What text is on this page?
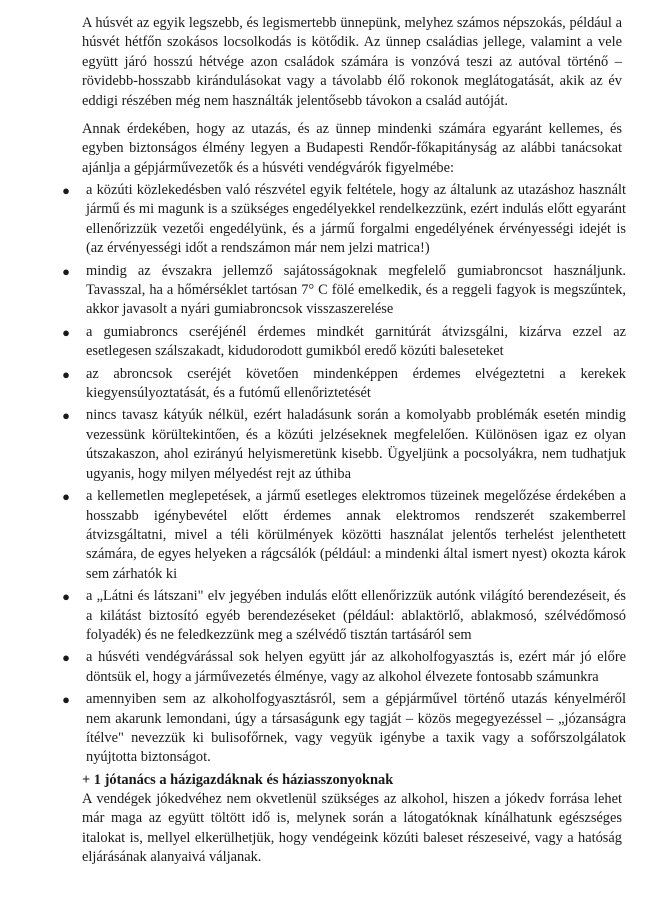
A húsvét az egyik legszebb, és legismertebb ünnepünk, melyhez számos népszokás, például a húsvét hétfőn szokásos locsolkodás is kötődik. Az ünnep családias jellege, valamint a vele együtt járó hosszú hétvége azon családok számára is vonzóvá teszi az autóval történő – rövidebb-hosszabb kirándulásokat vagy a távolabb élő rokonok meglátogatását, akik az év eddigi részében még nem használták jelentősebb távokon a család autóját.

Annak érdekében, hogy az utazás, és az ünnep mindenki számára egyaránt kellemes, és egyben biztonságos élmény legyen a Budapesti Rendőr-főkapitányság az alábbi tanácsokat ajánlja a gépjárművezetők és a húsvéti vendégvárók figyelmébe:

● a közúti közlekedésben való részvétel egyik feltétele, hogy az általunk az utazáshoz használt jármű és mi magunk is a szükséges engedélyekkel rendelkezzünk, ezért indulás előtt egyaránt ellenőrizzük vezetői engedélyünk, és a jármű forgalmi engedélyének érvényességi idejét is (az érvényességi időt a rendszámon már nem jelzi matrica!)
● mindig az évszakra jellemző sajátosságoknak megfelelő gumiabroncsot használjunk. Tavasszal, ha a hőmérséklet tartósan 7° C fölé emelkedik, és a reggeli fagyok is megszűntek, akkor javasolt a nyári gumiabroncsok visszaszerelése
● a gumiabroncs cseréjénél érdemes mindkét garnitúrát átvizsgálni, kizárva ezzel az esetlegesen szálszakadt, kidudorodott gumikból eredő közúti baleseteket
● az abroncsok cseréjét követően mindenképpen érdemes elvégeztetni a kerekek kiegyensúlyoztatását, és a futómű ellenőriztetését
● nincs tavasz kátyúk nélkül, ezért haladásunk során a komolyabb problémák esetén mindig vezessünk körültekintően, és a közúti jelzéseknek megfelelően. Különösen igaz ez olyan útszakaszon, ahol ezirányú helyismeretünk kisebb. Ügyeljünk a pocsolyákra, nem tudhatjuk ugyanis, hogy milyen mélyedést rejt az úthiba
● a kellemetlen meglepetések, a jármű esetleges elektromos tüzeinek megelőzése érdekében a hosszabb igénybevétel előtt érdemes annak elektromos rendszerét szakemberrel átvizsgáltatni, mivel a téli körülmények közötti használat jelentős terhelést jelenthetett számára, de egyes helyeken a rágcsálók (például: a mindenki által ismert nyest) okozta károk sem zárhatók ki
● a „Látni és látszani" elv jegyében indulás előtt ellenőrizzük autónk világító berendezéseit, és a kilátást biztosító egyéb berendezéseket (például: ablaktörlő, ablakmosó, szélvédőmosó folyadék) és ne feledkezzünk meg a szélvédő tisztán tartásáról sem
● a húsvéti vendégvárással sok helyen együtt jár az alkoholfogyasztás is, ezért már jó előre döntsük el, hogy a járművezetés élménye, vagy az alkohol élvezete fontosabb számunkra
● amennyiben sem az alkoholfogyasztásról, sem a gépjárművel történő utazás kényelméről nem akarunk lemondani, úgy a társaságunk egy tagját – közös megegyezéssel – „józanságra ítélve" nevezzük ki bulisofőrnek, vagy vegyük igénybe a taxik vagy a sofőrszolgálatok nyújtotta biztonságot.

+ 1 jótanács a házigazdáknak és háziasszonyoknak

A vendégek jókedvéhez nem okvetlenül szükséges az alkohol, hiszen a jókedv forrása lehet már maga az együtt töltött idő is, melynek során a látogatóknak kínálhatunk egészséges italokat is, mellyel elkerülhetjük, hogy vendégeink közúti baleset részeseivé, vagy a hatóság eljárásának alanyaivá váljanak.
